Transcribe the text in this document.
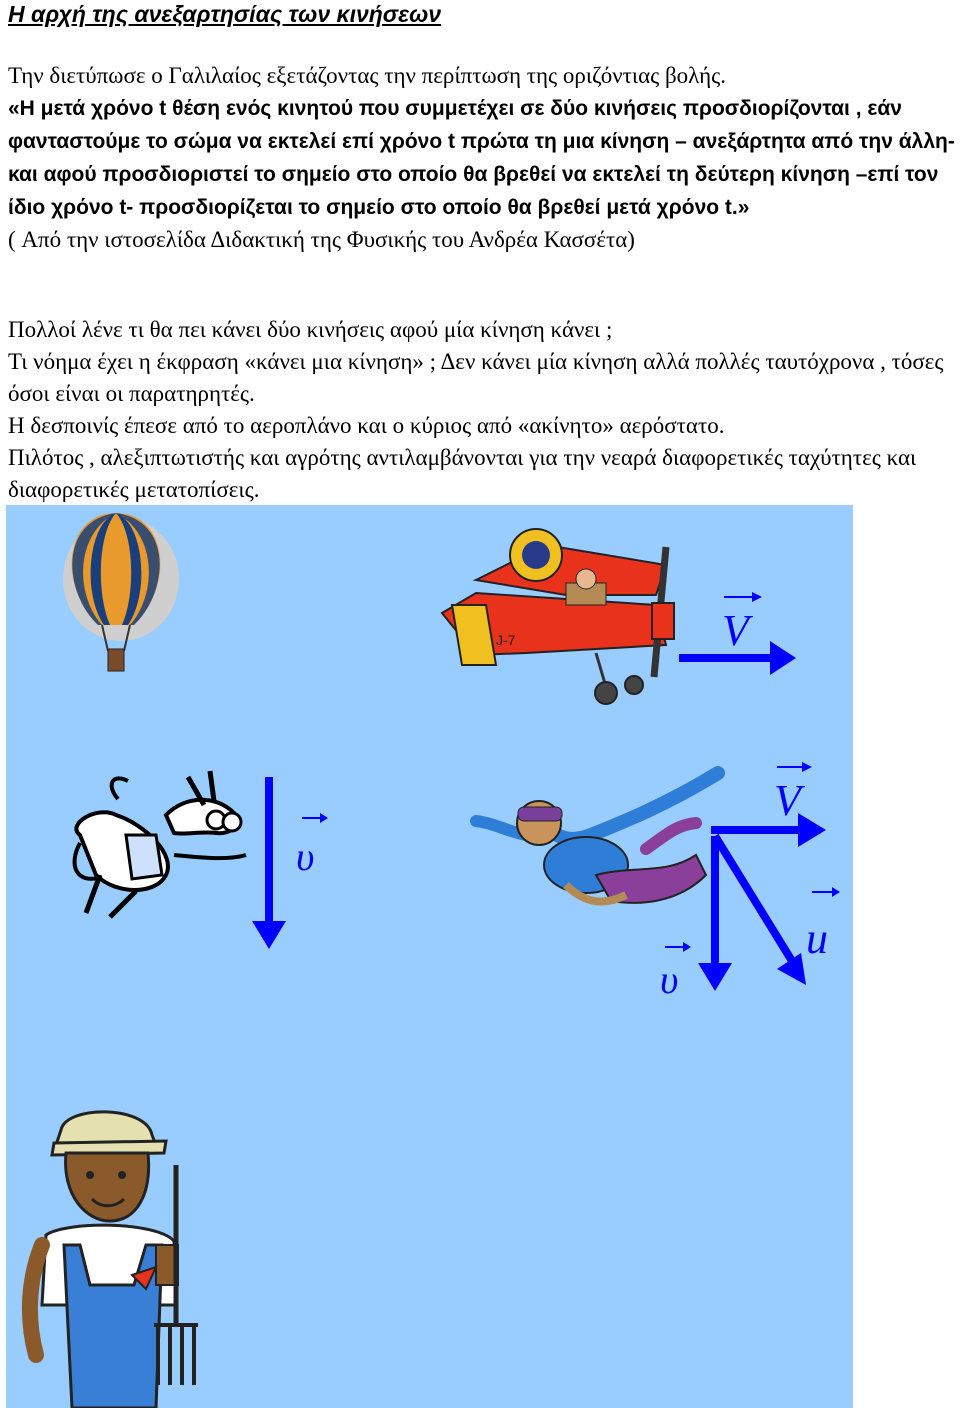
Η αρχή της ανεξαρτησίας των κινήσεων
Την διετύπωσε ο Γαλιλαίος εξετάζοντας την περίπτωση της οριζόντιας βολής.
«Η μετά χρόνο t θέση ενός κινητού που συμμετέχει σε δύο κινήσεις προσδιορίζονται , εάν φανταστούμε το σώμα να εκτελεί επί χρόνο t πρώτα τη μια κίνηση – ανεξάρτητα από την άλλη- και αφού προσδιοριστεί το σημείο στο οποίο θα βρεθεί να εκτελεί τη δεύτερη κίνηση –επί τον ίδιο χρόνο t- προσδιορίζεται το σημείο στο οποίο θα βρεθεί μετά χρόνο t.»
( Από την ιστοσελίδα Διδακτική της Φυσικής του Ανδρέα Κασσέτα)
Πολλοί λένε τι θα πει κάνει δύο κινήσεις αφού μία κίνηση κάνει ;
Τι νόημα έχει η έκφραση «κάνει μια κίνηση» ; Δεν κάνει μία κίνηση αλλά πολλές ταυτόχρονα , τόσες όσοι είναι οι παρατηρητές.
Η δεσποινίς έπεσε από το αεροπλάνο και ο κύριος από «ακίνητο» αερόστατο.
Πιλότος , αλεξιπτωτιστής και αγρότης αντιλαμβάνονται για την νεαρά διαφορετικές ταχύτητες και διαφορετικές μετατοπίσεις.
J-7	V
υ
V
u
υ
